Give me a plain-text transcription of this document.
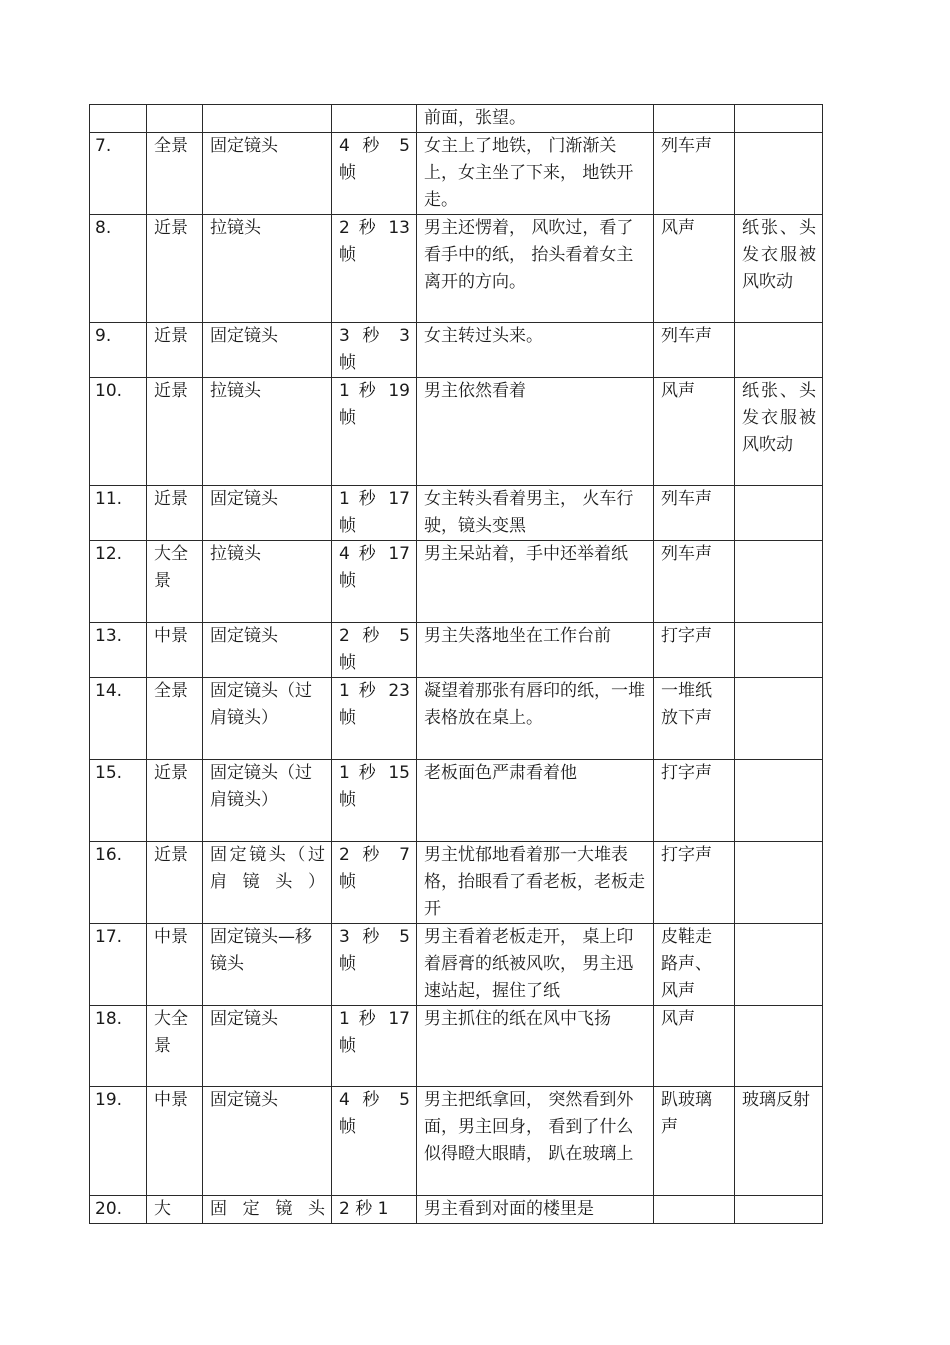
				前面，张望。		
7.	全景	固定镜头	4 秒 5 帧	女主上了地铁， 门渐渐关上，女主坐了下来， 地铁开走。	列车声	
8.	近景	拉镜头	2 秒 13 帧	男主还愣着， 风吹过，看了看手中的纸， 抬头看着女主离开的方向。	风声	纸张、头发衣服被风吹动
9.	近景	固定镜头	3 秒 3 帧	女主转过头来。	列车声	
10.	近景	拉镜头	1 秒 19 帧	男主依然看着	风声	纸张、头发衣服被风吹动
11.	近景	固定镜头	1 秒 17 帧	女主转头看着男主， 火车行驶，镜头变黑	列车声	
12.	大全景	拉镜头	4 秒 17 帧	男主呆站着，手中还举着纸	列车声	
13.	中景	固定镜头	2 秒 5 帧	男主失落地坐在工作台前	打字声	
14.	全景	固定镜头（过肩镜头）	1 秒 23 帧	凝望着那张有唇印的纸，一堆表格放在桌上。	一堆纸放下声	
15.	近景	固定镜头（过肩镜头）	1 秒 15 帧	老板面色严肃看着他	打字声	
16.	近景	固定镜头（过肩镜头）	2 秒 7 帧	男主忧郁地看着那一大堆表格，抬眼看了看老板，老板走开	打字声	
17.	中景	固定镜头—移镜头	3 秒 5 帧	男主看着老板走开， 桌上印着唇膏的纸被风吹， 男主迅速站起，握住了纸	皮鞋走路声、风声	
18.	大全景	固定镜头	1 秒 17 帧	男主抓住的纸在风中飞扬	风声	
19.	中景	固定镜头	4 秒 5 帧	男主把纸拿回， 突然看到外面，男主回身， 看到了什么似得瞪大眼睛， 趴在玻璃上	趴玻璃声	玻璃反射
20.	大	固定镜头	2 秒 1	男主看到对面的楼里是		
